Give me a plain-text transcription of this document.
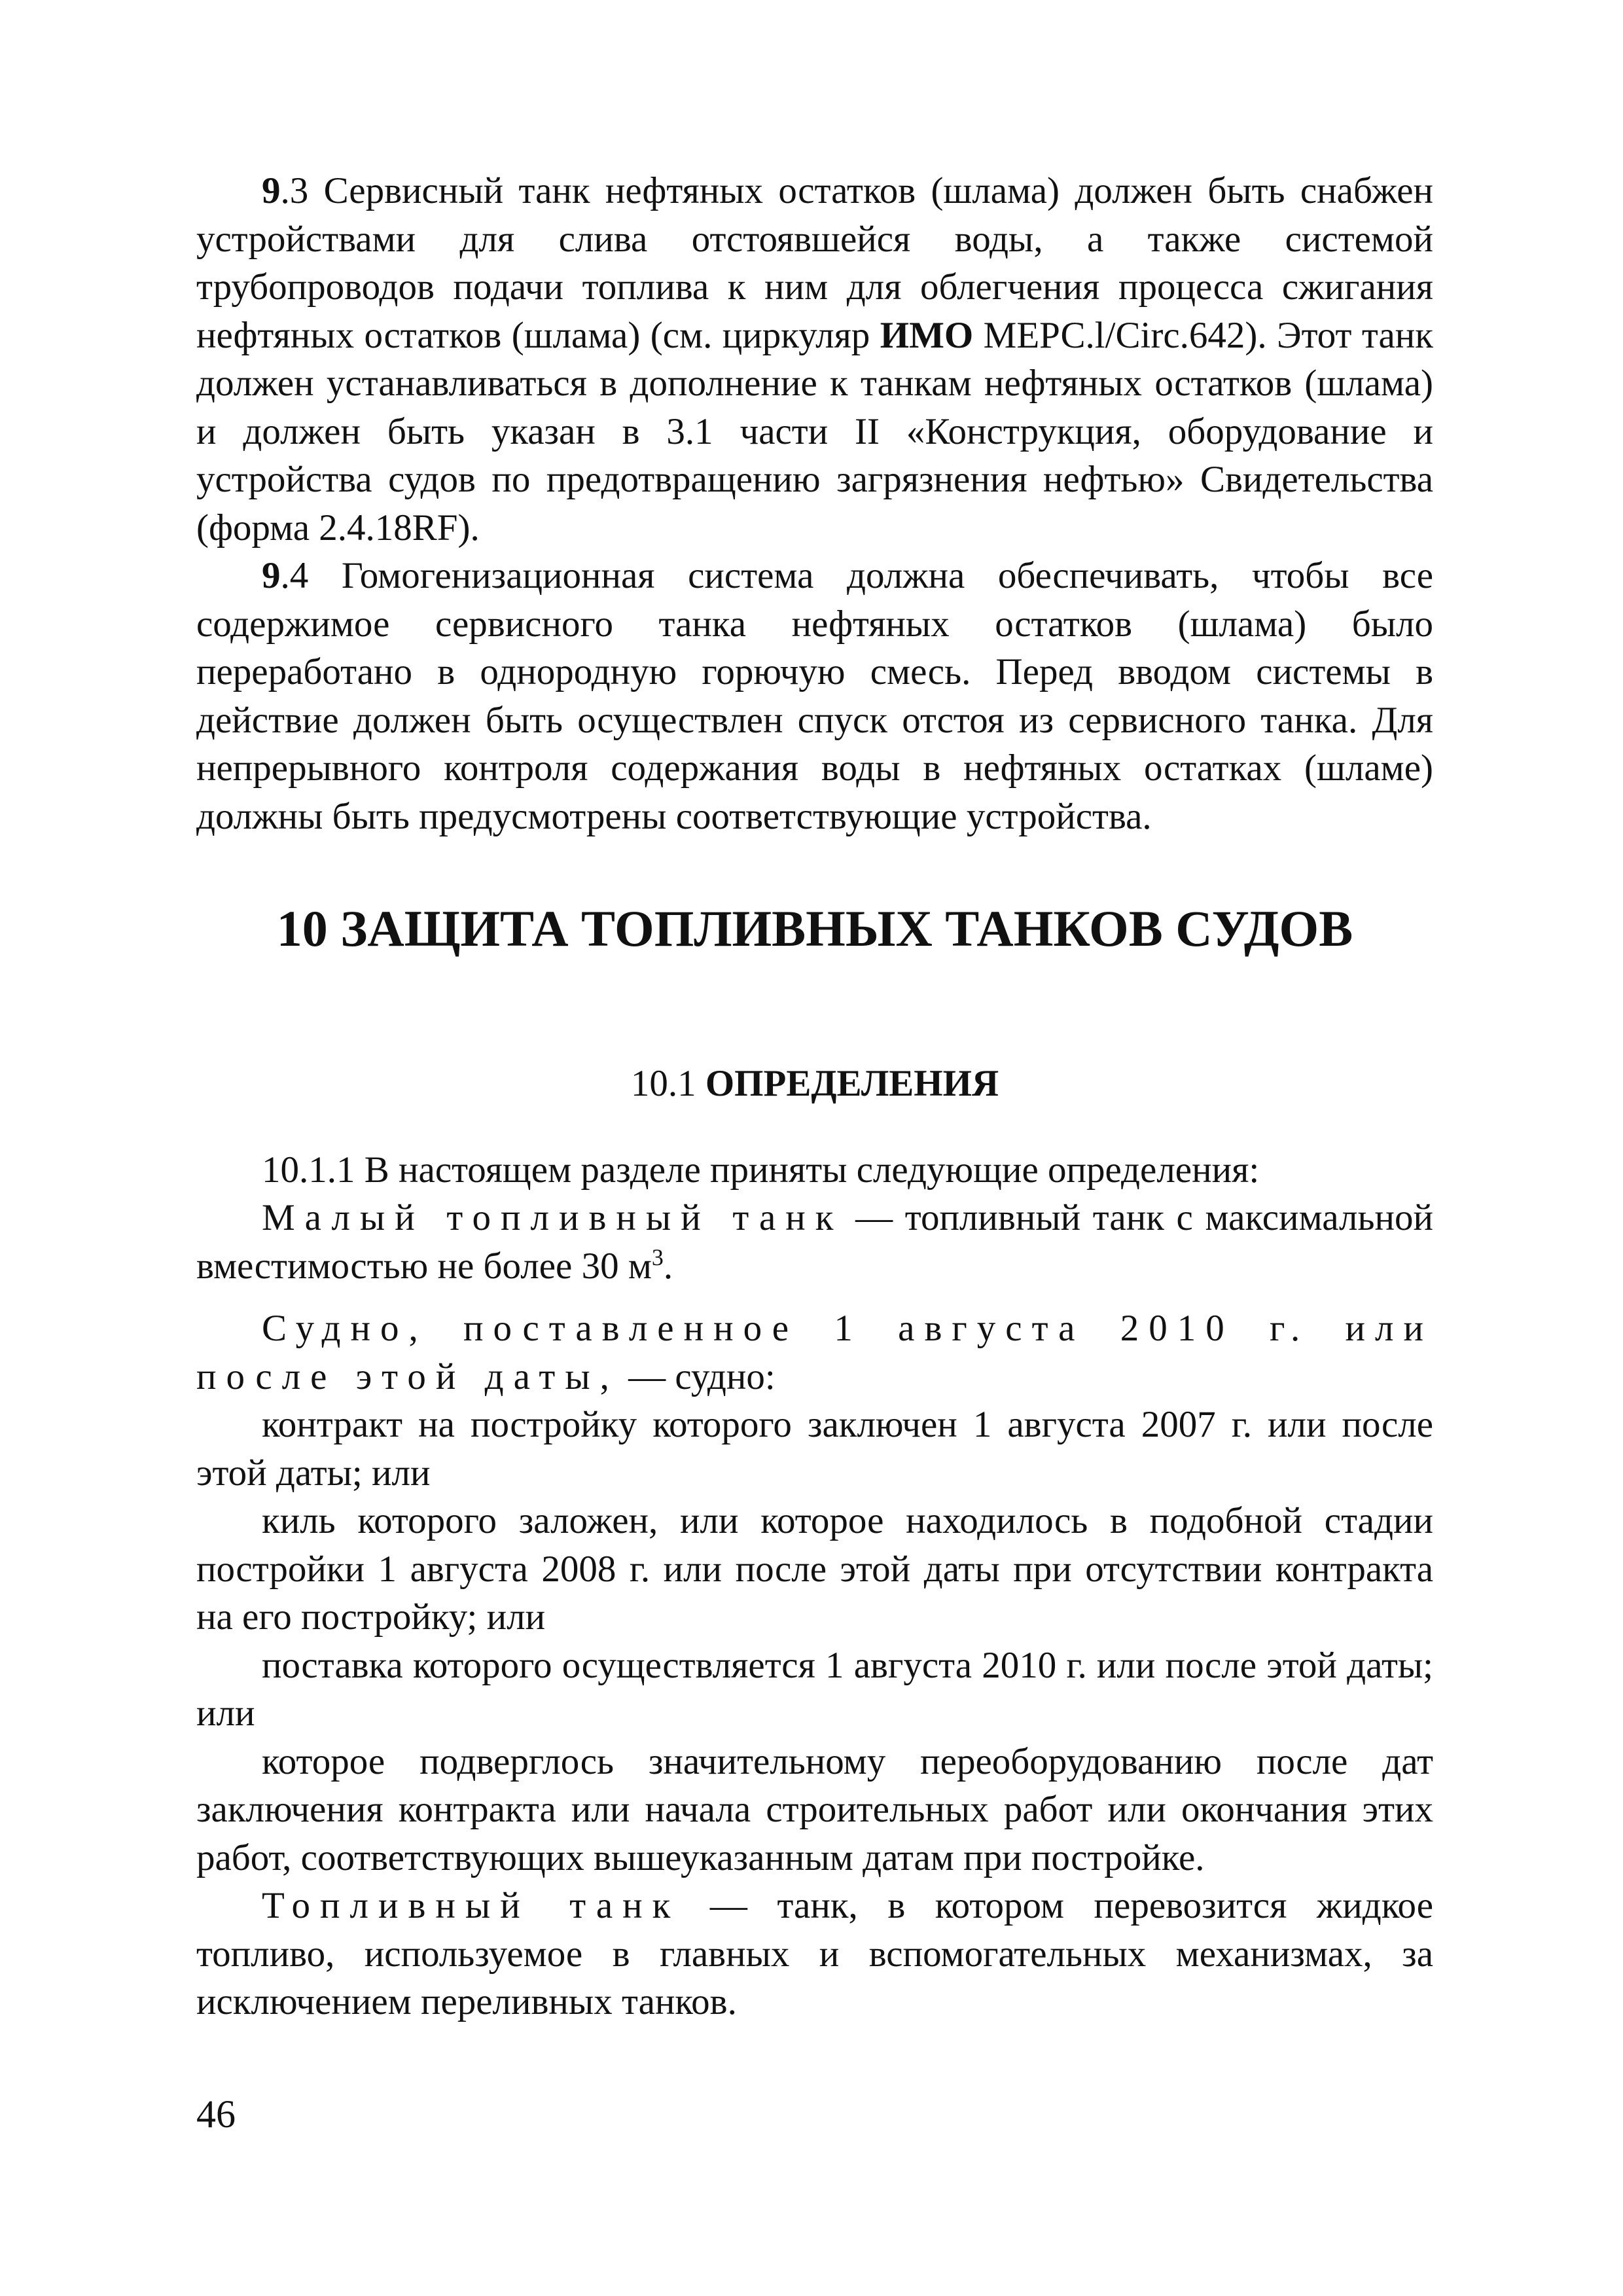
9.3 Сервисный танк нефтяных остатков (шлама) должен быть снабжен устройствами для слива отстоявшейся воды, а также системой трубопроводов подачи топлива к ним для облегчения процесса сжигания нефтяных остатков (шлама) (см. циркуляр ИМО МЕРС.l/Circ.642). Этот танк должен устанавливаться в дополнение к танкам нефтяных остатков (шлама) и должен быть указан в 3.1 части II «Конструкция, оборудование и устройства судов по предотвращению загрязнения нефтью» Свидетельства (форма 2.4.18RF).

9.4 Гомогенизационная система должна обеспечивать, чтобы все содержимое сервисного танка нефтяных остатков (шлама) было переработано в однородную горючую смесь. Перед вводом системы в действие должен быть осуществлен спуск отстоя из сервисного танка. Для непрерывного контроля содержания воды в нефтяных остатках (шламе) должны быть предусмотрены соответствующие устройства.

10 ЗАЩИТА ТОПЛИВНЫХ ТАНКОВ СУДОВ
10.1 ОПРЕДЕЛЕНИЯ

10.1.1 В настоящем разделе приняты следующие определения:

Малый топливный танк — топливный танк с максимальной вместимостью не более 30 $м^3$.

Судно, поставленное 1 августа 2010 г. или после этой даты, — судно:

контракт на постройку которого заключен 1 августа 2007 г. или после этой даты; или

киль которого заложен, или которое находилось в подобной стадии постройки 1 августа 2008 г. или после этой даты при отсутствии контракта на его постройку; или

поставка которого осуществляется 1 августа 2010 г. или после этой даты; или

которое подверглось значительному переоборудованию после дат заключения контракта или начала строительных работ или окончания этих работ, соответствующих вышеуказанным датам при постройке.

Топливный танк — танк, в котором перевозится жидкое топливо, используемое в главных и вспомогательных механизмах, за исключением переливных танков.

46
